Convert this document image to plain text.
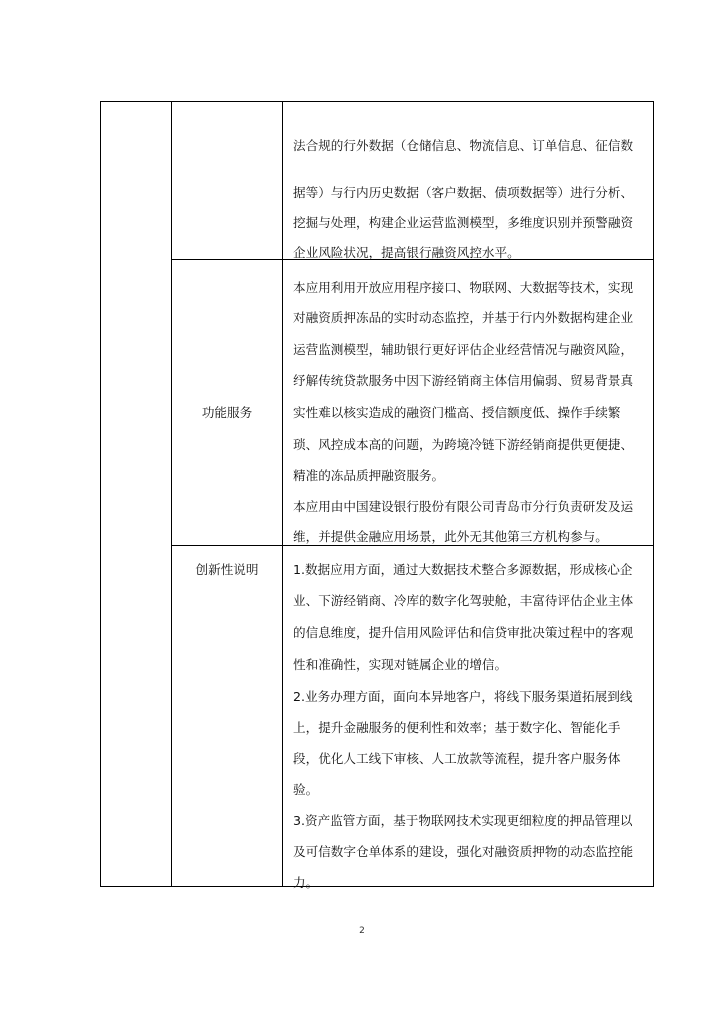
法合规的行外数据（仓储信息、物流信息、订单信息、征信数
据等）与行内历史数据（客户数据、债项数据等）进行分析、
挖掘与处理，构建企业运营监测模型，多维度识别并预警融资
企业风险状况，提高银行融资风控水平。
功能服务
本应用利用开放应用程序接口、物联网、大数据等技术，实现
对融资质押冻品的实时动态监控，并基于行内外数据构建企业
运营监测模型，辅助银行更好评估企业经营情况与融资风险，
纾解传统贷款服务中因下游经销商主体信用偏弱、贸易背景真
实性难以核实造成的融资门槛高、授信额度低、操作手续繁
琐、风控成本高的问题，为跨境冷链下游经销商提供更便捷、
精准的冻品质押融资服务。
本应用由中国建设银行股份有限公司青岛市分行负责研发及运
维，并提供金融应用场景，此外无其他第三方机构参与。
创新性说明	1.数据应用方面，通过大数据技术整合多源数据，形成核心企
业、下游经销商、冷库的数字化驾驶舱，丰富待评估企业主体
的信息维度，提升信用风险评估和信贷审批决策过程中的客观
性和准确性，实现对链属企业的增信。
2.业务办理方面，面向本异地客户，将线下服务渠道拓展到线
上，提升金融服务的便利性和效率；基于数字化、智能化手
段，优化人工线下审核、人工放款等流程，提升客户服务体
验。
3.资产监管方面，基于物联网技术实现更细粒度的押品管理以
及可信数字仓单体系的建设，强化对融资质押物的动态监控能
力。
2
